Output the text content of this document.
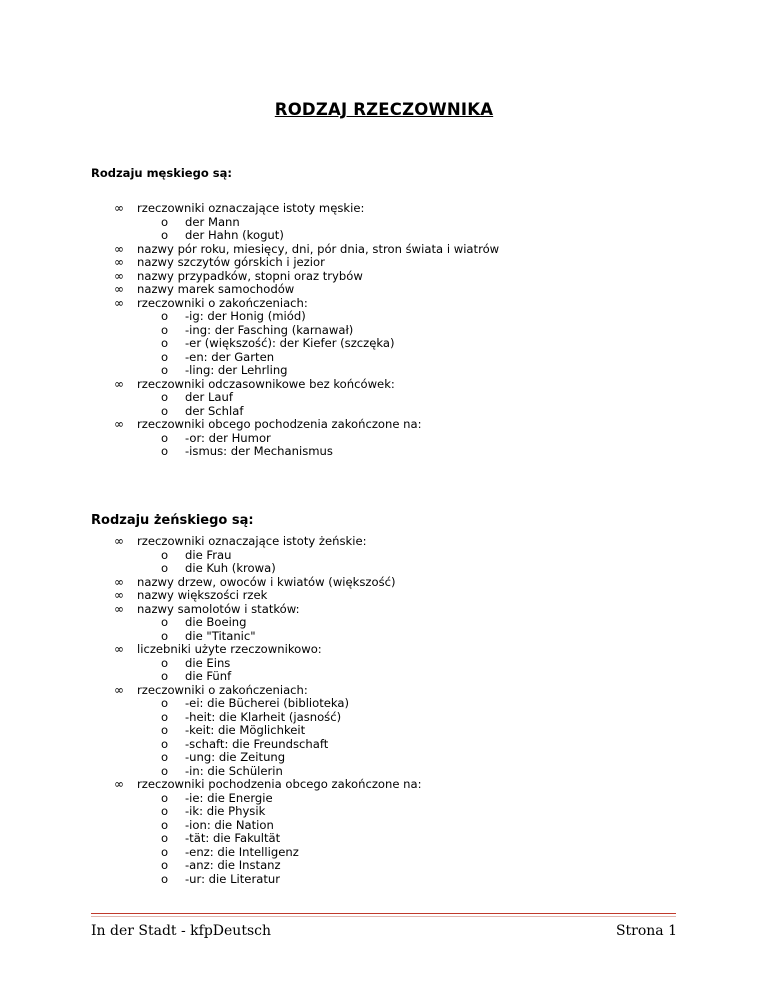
RODZAJ RZECZOWNIKA
Rodzaju męskiego są:
∞ rzeczowniki oznaczające istoty męskie:
o der Mann
o der Hahn (kogut)
∞ nazwy pór roku, miesięcy, dni, pór dnia, stron świata i wiatrów
∞ nazwy szczytów górskich i jezior
∞ nazwy przypadków, stopni oraz trybów
∞ nazwy marek samochodów
∞ rzeczowniki o zakończeniach:
o -ig: der Honig (miód)
o -ing: der Fasching (karnawał)
o -er (większość): der Kiefer (szczęka)
o -en: der Garten
o -ling: der Lehrling
∞ rzeczowniki odczasownikowe bez końcówek:
o der Lauf
o der Schlaf
∞ rzeczowniki obcego pochodzenia zakończone na:
o -or: der Humor
o -ismus: der Mechanismus
Rodzaju żeńskiego są:
∞ rzeczowniki oznaczające istoty żeńskie:
o die Frau
o die Kuh (krowa)
∞ nazwy drzew, owoców i kwiatów (większość)
∞ nazwy większości rzek
∞ nazwy samolotów i statków:
o die Boeing
o die "Titanic"
∞ liczebniki użyte rzeczownikowo:
o die Eins
o die Fünf
∞ rzeczowniki o zakończeniach:
o -ei: die Bücherei (biblioteka)
o -heit: die Klarheit (jasność)
o -keit: die Möglichkeit
o -schaft: die Freundschaft
o -ung: die Zeitung
o -in: die Schülerin
∞ rzeczowniki pochodzenia obcego zakończone na:
o -ie: die Energie
o -ik: die Physik
o -ion: die Nation
o -tät: die Fakultät
o -enz: die Intelligenz
o -anz: die Instanz
o -ur: die Literatur
In der Stadt - kfpDeutsch	Strona 1
